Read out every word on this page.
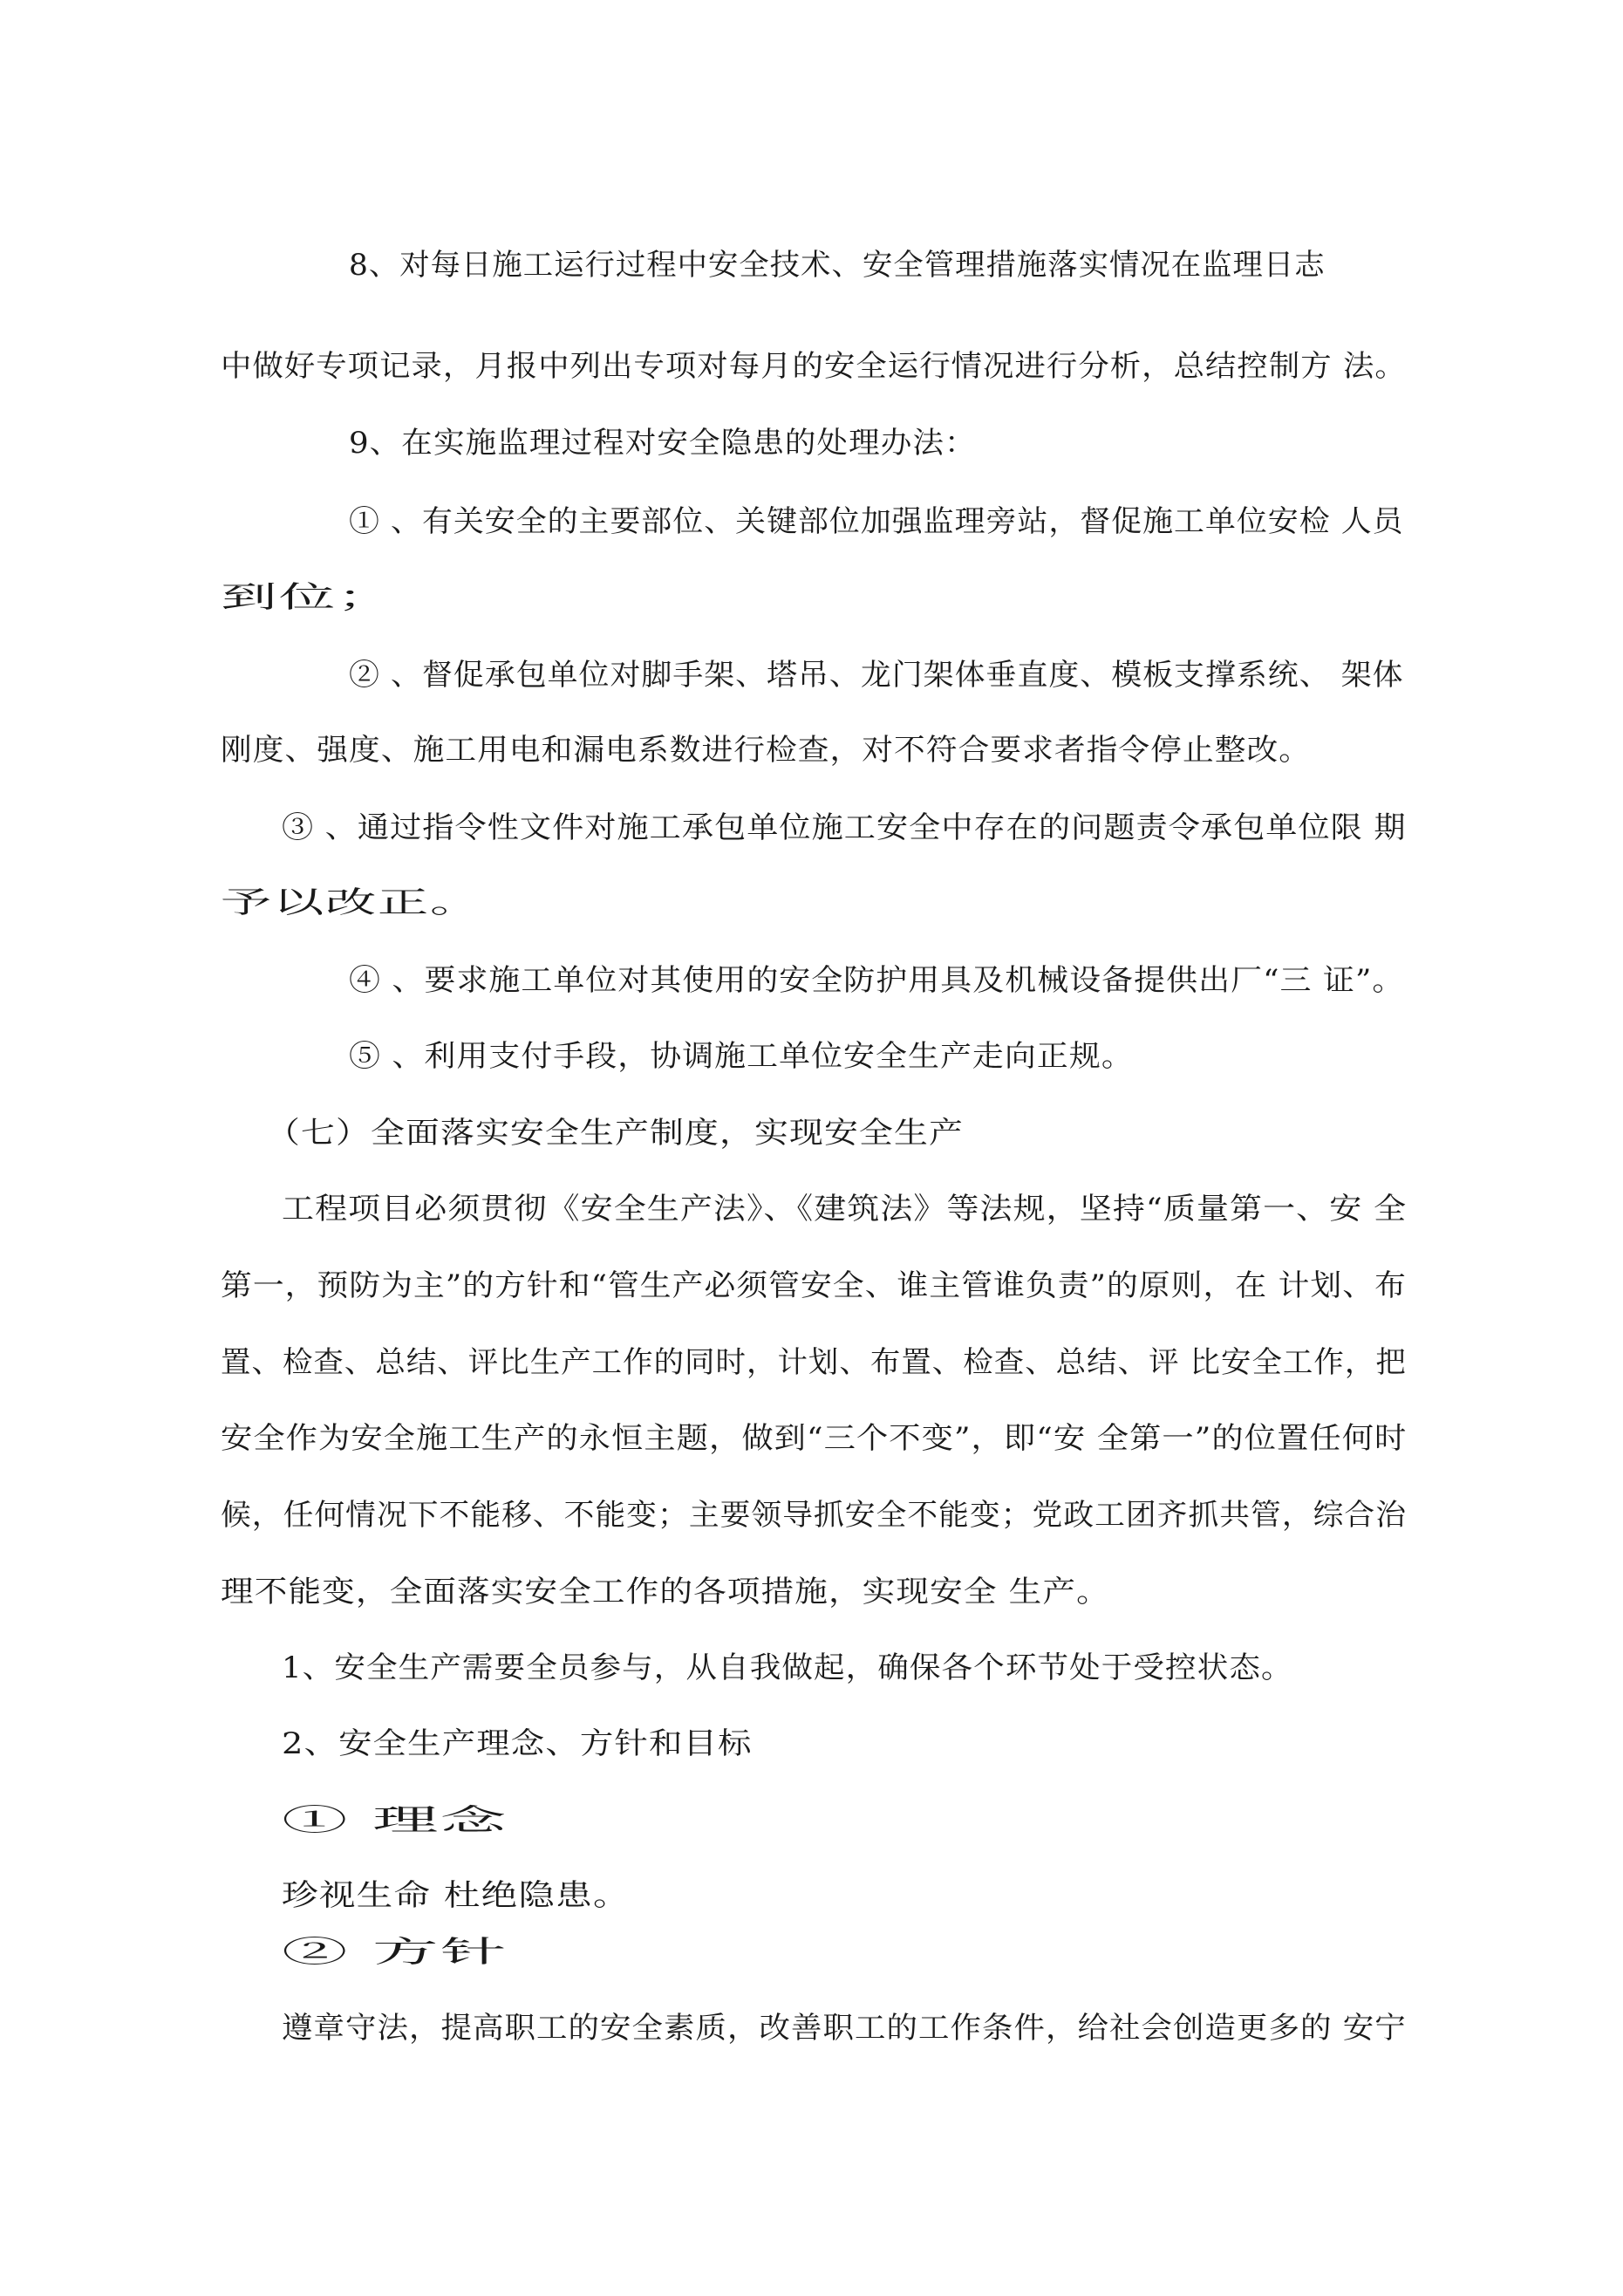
8、对每日施工运行过程中安全技术、安全管理措施落实情况在监理日志
中做好专项记录，月报中列出专项对每月的安全运行情况进行分析，总结控制方 法。
9、在实施监理过程对安全隐患的处理办法：
① 、有关安全的主要部位、关键部位加强监理旁站，督促施工单位安检 人员
到位；
② 、督促承包单位对脚手架、塔吊、龙门架体垂直度、模板支撑系统、 架体
刚度、强度、施工用电和漏电系数进行检查，对不符合要求者指令停止整改。
③ 、通过指令性文件对施工承包单位施工安全中存在的问题责令承包单位限 期
予以改正。
④ 、要求施工单位对其使用的安全防护用具及机械设备提供出厂“三 证”。
⑤ 、利用支付手段，协调施工单位安全生产走向正规。
（七）全面落实安全生产制度，实现安全生产
工程项目必须贯彻《安全生产法》、《建筑法》等法规，坚持“质量第一、安 全
第一，预防为主”的方针和“管生产必须管安全、谁主管谁负责”的原则，在 计划、布
置、检查、总结、评比生产工作的同时，计划、布置、检查、总结、评 比安全工作，把
安全作为安全施工生产的永恒主题，做到“三个不变”，即“安 全第一”的位置任何时
候，任何情况下不能移、不能变；主要领导抓安全不能变；党政工团齐抓共管，综合治
理不能变，全面落实安全工作的各项措施，实现安全 生产。
1、安全生产需要全员参与，从自我做起，确保各个环节处于受控状态。
2、安全生产理念、方针和目标
① 理念
珍视生命 杜绝隐患。
② 方针
遵章守法，提高职工的安全素质，改善职工的工作条件，给社会创造更多的 安宁
